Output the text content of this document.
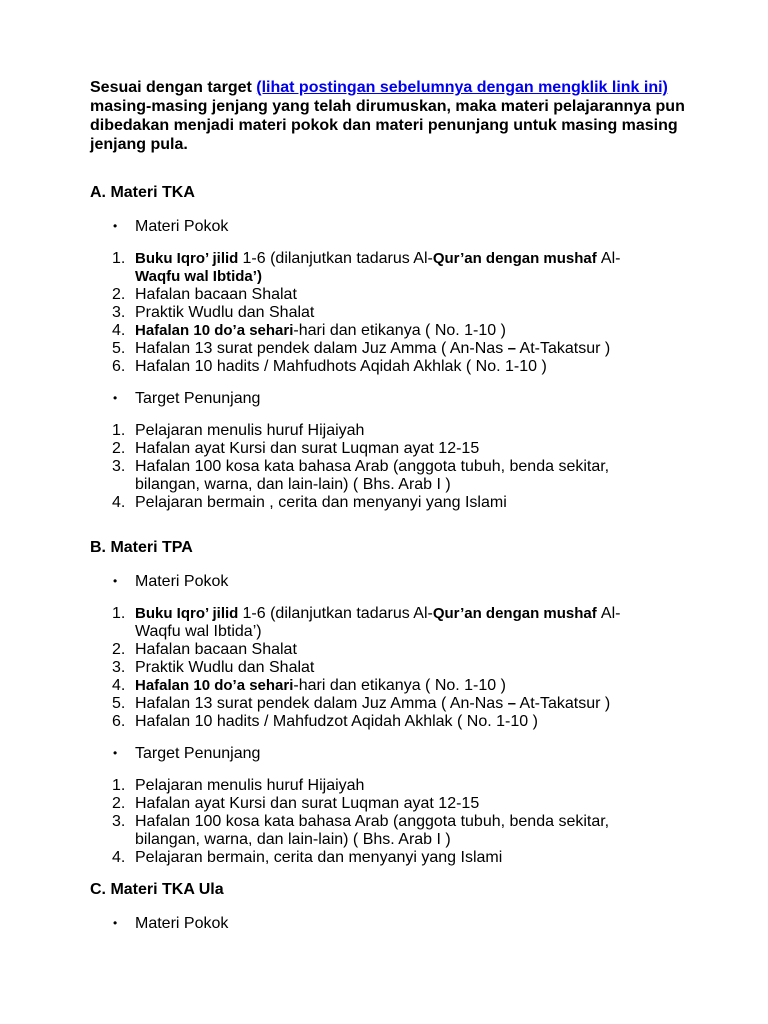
Sesuai dengan target (lihat postingan sebelumnya dengan mengklik link ini) masing-masing jenjang yang telah dirumuskan, maka materi pelajarannya pun dibedakan menjadi materi pokok dan materi penunjang untuk masing masing jenjang pula.

A. Materi TKA

• Materi Pokok

1. Buku Iqro’ jilid 1-6 (dilanjutkan tadarus Al-Qur’an dengan mushaf Al-
Waqfu wal Ibtida’)
2. Hafalan bacaan Shalat
3. Praktik Wudlu dan Shalat
4. Hafalan 10 do’a sehari-hari dan etikanya ( No. 1-10 )
5. Hafalan 13 surat pendek dalam Juz Amma ( An-Nas – At-Takatsur )
6. Hafalan 10 hadits / Mahfudhots Aqidah Akhlak ( No. 1-10 )

• Target Penunjang

1. Pelajaran menulis huruf Hijaiyah
2. Hafalan ayat Kursi dan surat Luqman ayat 12-15
3. Hafalan 100 kosa kata bahasa Arab (anggota tubuh, benda sekitar,
bilangan, warna, dan lain-lain) ( Bhs. Arab I )
4. Pelajaran bermain , cerita dan menyanyi yang Islami

B. Materi TPA

• Materi Pokok

1. Buku Iqro’ jilid 1-6 (dilanjutkan tadarus Al-Qur’an dengan mushaf Al-
Waqfu wal Ibtida’)
2. Hafalan bacaan Shalat
3. Praktik Wudlu dan Shalat
4. Hafalan 10 do’a sehari-hari dan etikanya ( No. 1-10 )
5. Hafalan 13 surat pendek dalam Juz Amma ( An-Nas – At-Takatsur )
6. Hafalan 10 hadits / Mahfudzot Aqidah Akhlak ( No. 1-10 )

• Target Penunjang

1. Pelajaran menulis huruf Hijaiyah
2. Hafalan ayat Kursi dan surat Luqman ayat 12-15
3. Hafalan 100 kosa kata bahasa Arab (anggota tubuh, benda sekitar,
bilangan, warna, dan lain-lain) ( Bhs. Arab I )
4. Pelajaran bermain, cerita dan menyanyi yang Islami

C. Materi TKA Ula

• Materi Pokok
